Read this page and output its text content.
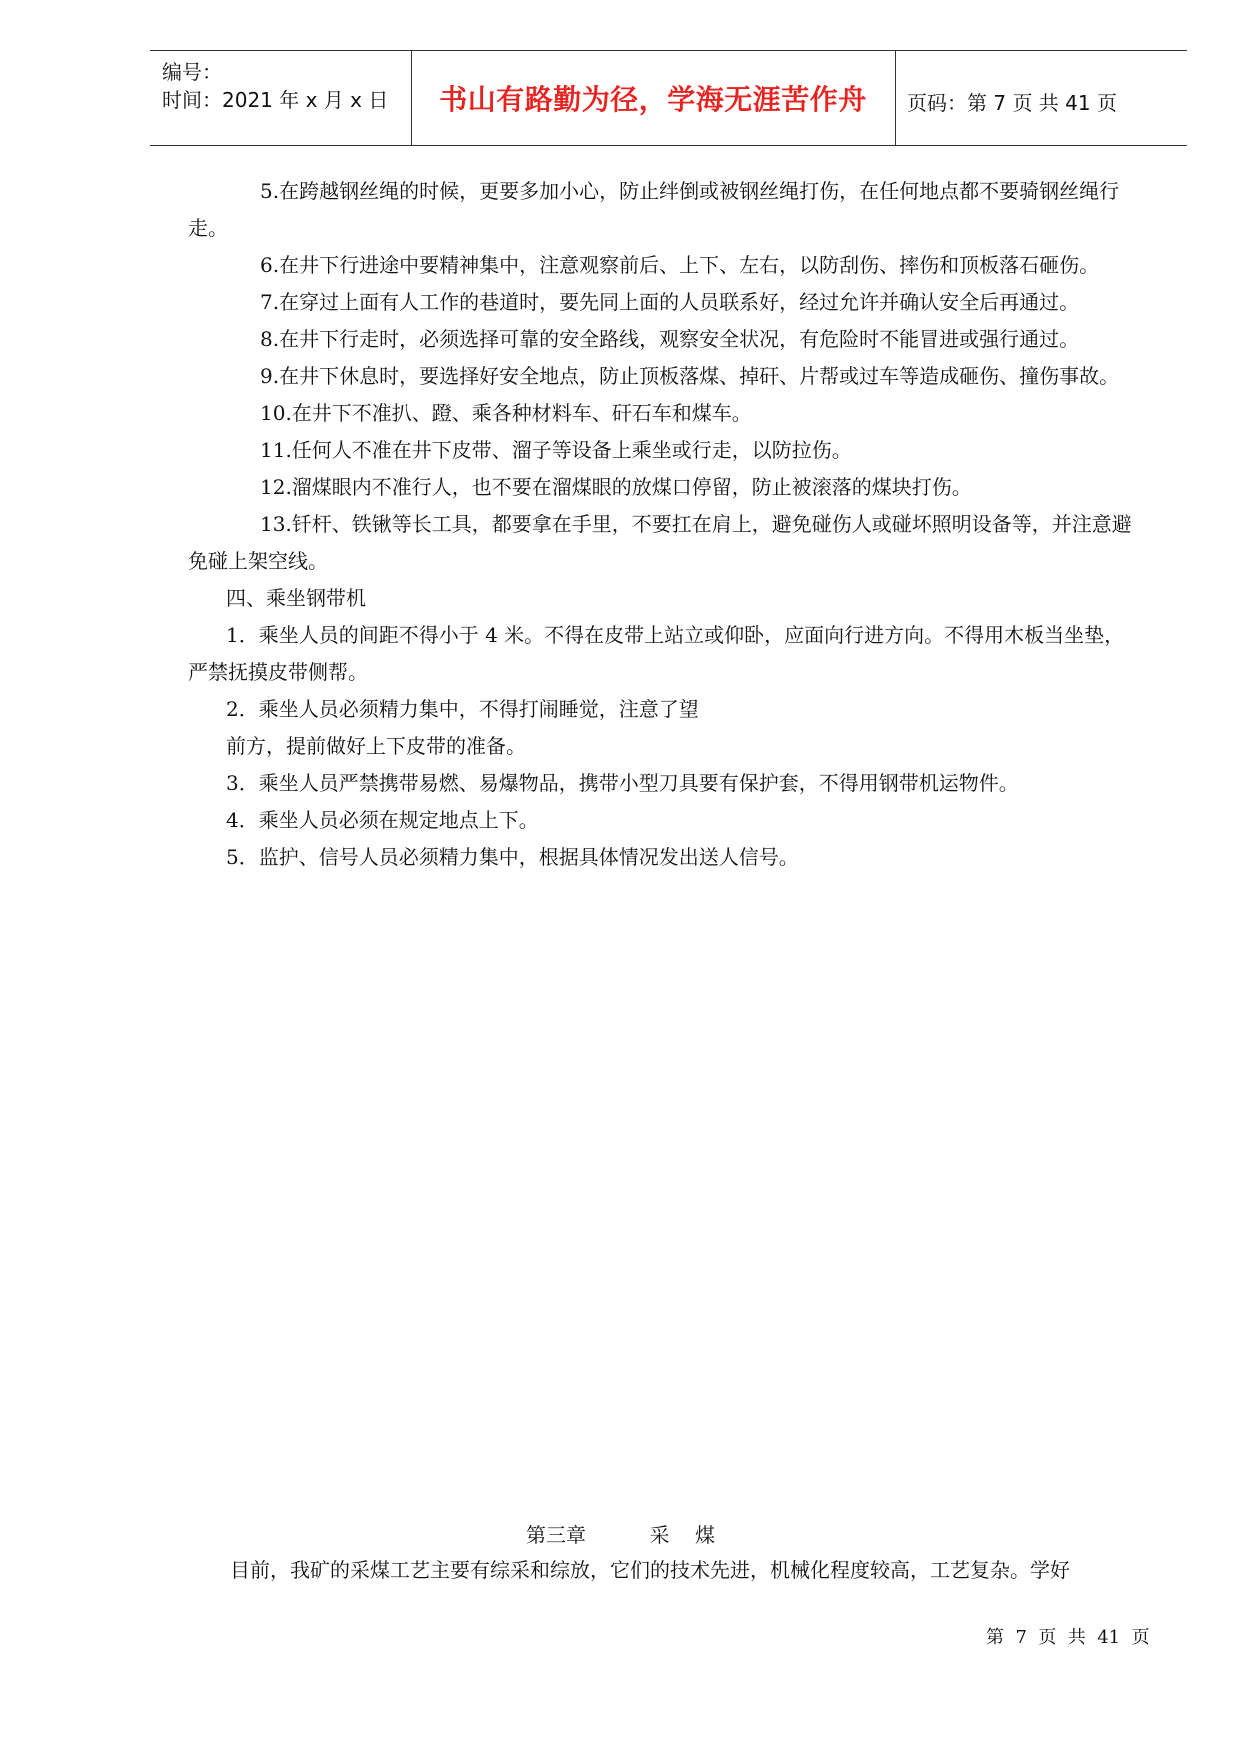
编号：
时间：2021 年 x 月 x 日	书山有路勤为径，学海无涯苦作舟	页码：第 7 页 共 41 页

5.在跨越钢丝绳的时候，更要多加小心，防止绊倒或被钢丝绳打伤，在任何地点都不要骑钢丝绳行走。

6.在井下行进途中要精神集中，注意观察前后、上下、左右，以防刮伤、摔伤和顶板落石砸伤。

7.在穿过上面有人工作的巷道时，要先同上面的人员联系好，经过允许并确认安全后再通过。

8.在井下行走时，必须选择可靠的安全路线，观察安全状况，有危险时不能冒进或强行通过。

9.在井下休息时，要选择好安全地点，防止顶板落煤、掉矸、片帮或过车等造成砸伤、撞伤事故。

10.在井下不准扒、蹬、乘各种材料车、矸石车和煤车。

11.任何人不准在井下皮带、溜子等设备上乘坐或行走，以防拉伤。

12.溜煤眼内不准行人，也不要在溜煤眼的放煤口停留，防止被滚落的煤块打伤。

13.钎杆、铁锹等长工具，都要拿在手里，不要扛在肩上，避免碰伤人或碰坏照明设备等，并注意避免碰上架空线。

四、乘坐钢带机

1．乘坐人员的间距不得小于 4 米。不得在皮带上站立或仰卧，应面向行进方向。不得用木板当坐垫，严禁抚摸皮带侧帮。

2．乘坐人员必须精力集中，不得打闹睡觉，注意了望

前方，提前做好上下皮带的准备。

3．乘坐人员严禁携带易燃、易爆物品，携带小型刀具要有保护套，不得用钢带机运物件。

4．乘坐人员必须在规定地点上下。

5．监护、信号人员必须精力集中，根据具体情况发出送人信号。

第三章          采    煤
目前，我矿的采煤工艺主要有综采和综放，它们的技术先进，机械化程度较高，工艺复杂。学好
第  7  页  共  41  页
